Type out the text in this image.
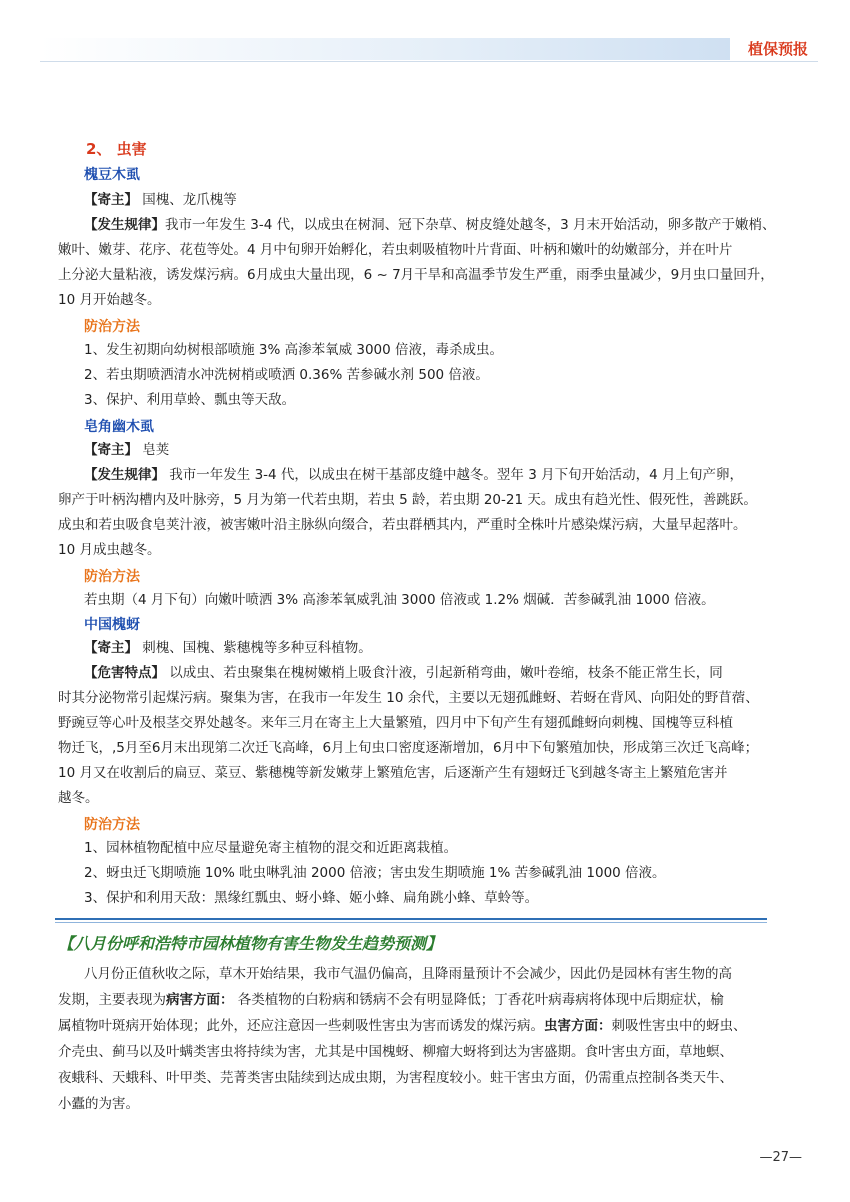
植保预报
2、 虫害
槐豆木虱
【寄主】 国槐、龙爪槐等
【发生规律】我市一年发生 3-4 代，以成虫在树洞、冠下杂草、树皮缝处越冬，3 月末开始活动，卵多散产于嫩梢、
嫩叶、嫩芽、花序、花苞等处。4 月中旬卵开始孵化，若虫刺吸植物叶片背面、叶柄和嫩叶的幼嫩部分，并在叶片
上分泌大量粘液，诱发煤污病。6月成虫大量出现，6 ~ 7月干旱和高温季节发生严重，雨季虫量减少，9月虫口量回升，
10 月开始越冬。
防治方法
1、发生初期向幼树根部喷施 3% 高渗苯氧威 3000 倍液，毒杀成虫。
2、若虫期喷洒清水冲洗树梢或喷洒 0.36% 苦参碱水剂 500 倍液。
3、保护、利用草蛉、瓢虫等天敌。
皂角幽木虱
【寄主】 皂荚
【发生规律】 我市一年发生 3-4 代，以成虫在树干基部皮缝中越冬。翌年 3 月下旬开始活动，4 月上旬产卵，
卵产于叶柄沟槽内及叶脉旁，5 月为第一代若虫期，若虫 5 龄，若虫期 20-21 天。成虫有趋光性、假死性，善跳跃。
成虫和若虫吸食皂荚汁液，被害嫩叶沿主脉纵向缀合，若虫群栖其内，严重时全株叶片感染煤污病，大量早起落叶。
10 月成虫越冬。
防治方法
若虫期（4 月下旬）向嫩叶喷洒 3% 高渗苯氧威乳油 3000 倍液或 1.2% 烟碱．苦参碱乳油 1000 倍液。
中国槐蚜
【寄主】 刺槐、国槐、紫穗槐等多种豆科植物。
【危害特点】 以成虫、若虫聚集在槐树嫩梢上吸食汁液，引起新稍弯曲，嫩叶卷缩，枝条不能正常生长，同
时其分泌物常引起煤污病。聚集为害，在我市一年发生 10 余代，主要以无翅孤雌蚜、若蚜在背风、向阳处的野苜蓿、
野豌豆等心叶及根茎交界处越冬。来年三月在寄主上大量繁殖，四月中下旬产生有翅孤雌蚜向刺槐、国槐等豆科植
物迁飞，,5月至6月末出现第二次迁飞高峰，6月上旬虫口密度逐渐增加，6月中下旬繁殖加快，形成第三次迁飞高峰；
10 月又在收割后的扁豆、菜豆、紫穗槐等新发嫩芽上繁殖危害，后逐渐产生有翅蚜迁飞到越冬寄主上繁殖危害并
越冬。
防治方法
1、园林植物配植中应尽量避免寄主植物的混交和近距离栽植。
2、蚜虫迁飞期喷施 10% 吡虫啉乳油 2000 倍液；害虫发生期喷施 1% 苦参碱乳油 1000 倍液。
3、保护和利用天敌：黑缘红瓢虫、蚜小蜂、姬小蜂、扁角跳小蜂、草蛉等。
【八月份呼和浩特市园林植物有害生物发生趋势预测】
八月份正值秋收之际，草木开始结果，我市气温仍偏高，且降雨量预计不会减少，因此仍是园林有害生物的高
发期，主要表现为病害方面： 各类植物的白粉病和锈病不会有明显降低；丁香花叶病毒病将体现中后期症状，榆
属植物叶斑病开始体现；此外，还应注意因一些刺吸性害虫为害而诱发的煤污病。虫害方面：刺吸性害虫中的蚜虫、
介壳虫、蓟马以及叶螨类害虫将持续为害，尤其是中国槐蚜、柳瘤大蚜将到达为害盛期。食叶害虫方面，草地螟、
夜蛾科、天蛾科、叶甲类、芫菁类害虫陆续到达成虫期，为害程度较小。蛀干害虫方面，仍需重点控制各类天牛、
小蠹的为害。
—27—
